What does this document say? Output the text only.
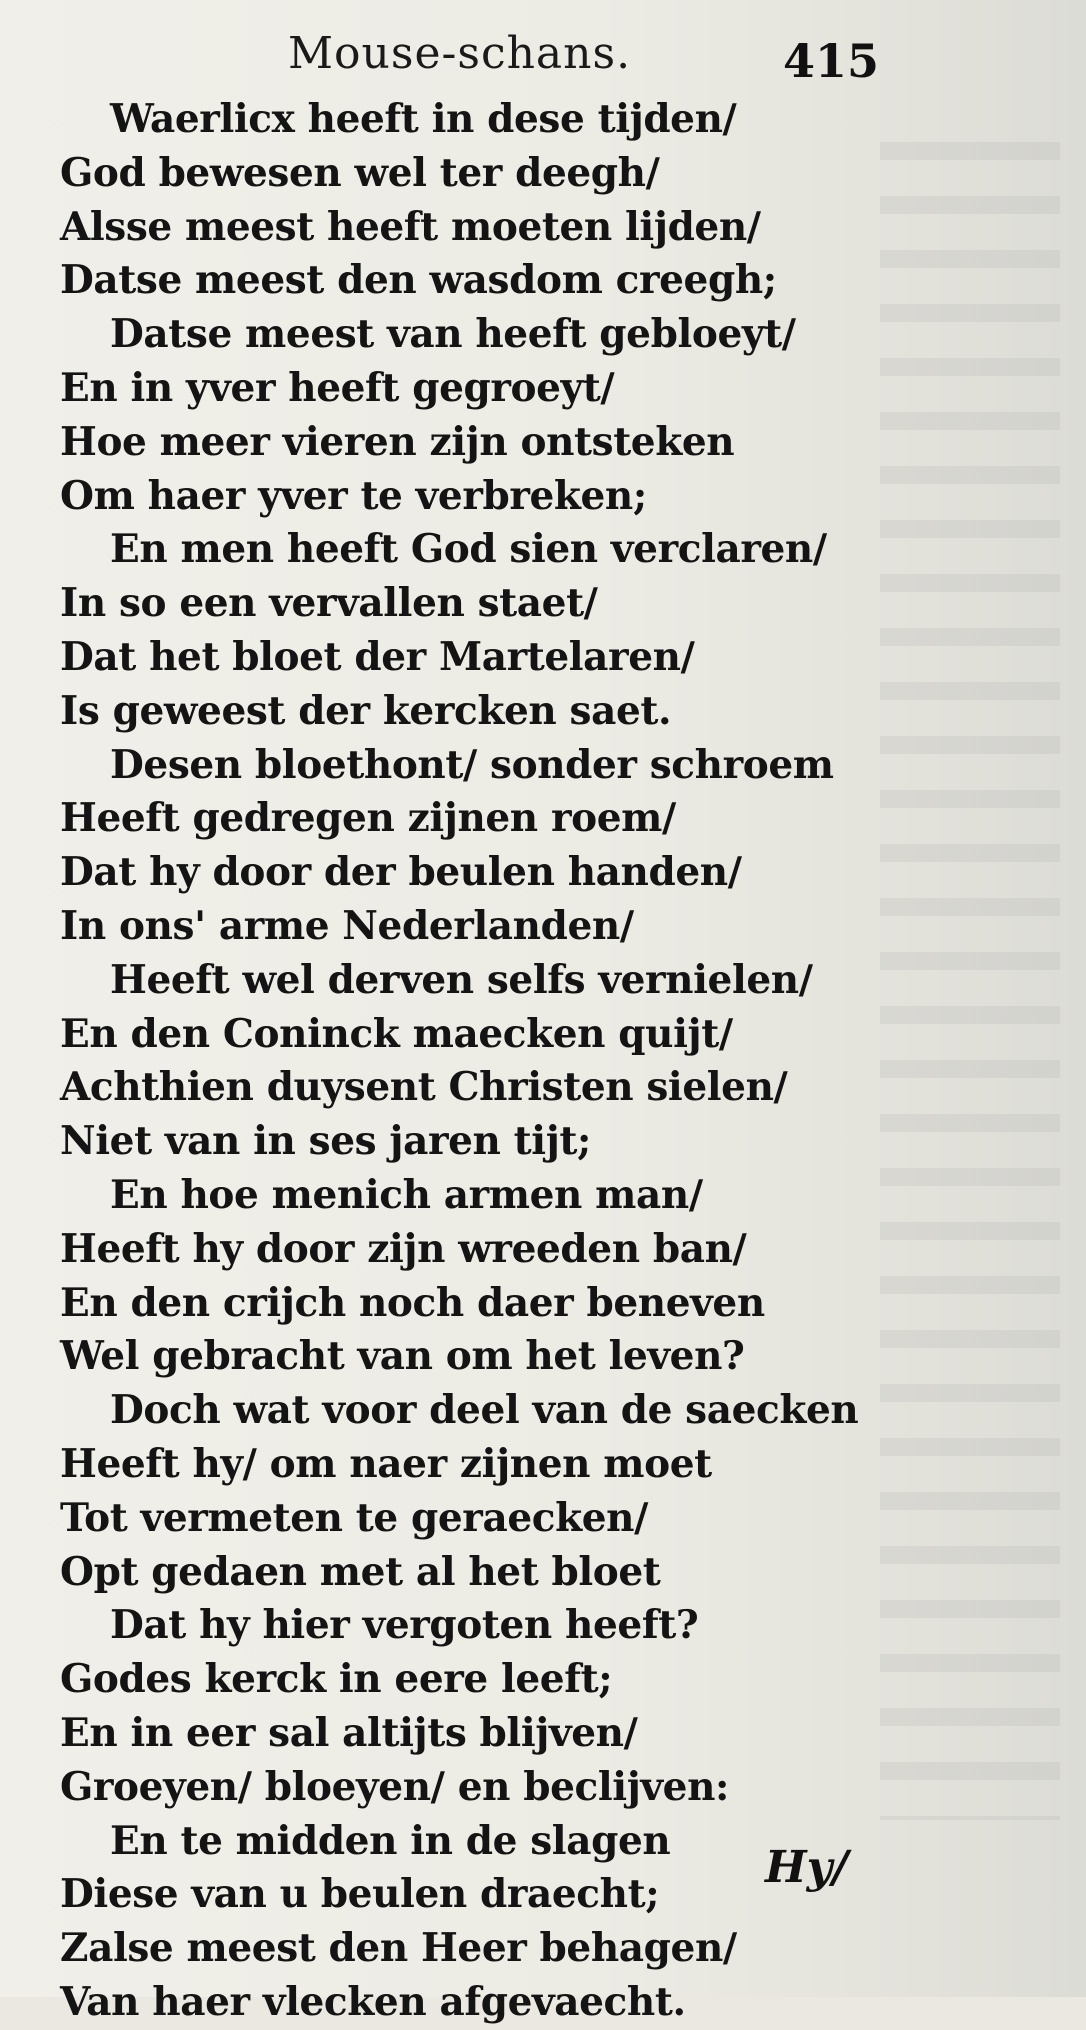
Mouse-schans.	415
Waerlicx heeft in dese tijden/
God bewesen wel ter deegh/
Alsse meest heeft moeten lijden/
Datse meest den wasdom creegh;
Datse meest van heeft gebloeyt/
En in yver heeft gegroeyt/
Hoe meer vieren zijn ontsteken
Om haer yver te verbreken;
En men heeft God sien verclaren/
In so een vervallen staet/
Dat het bloet der Martelaren/
Is geweest der kercken saet.
Desen bloethont/ sonder schroem
Heeft gedregen zijnen roem/
Dat hy door der beulen handen/
In ons' arme Nederlanden/
Heeft wel derven selfs vernielen/
En den Coninck maecken quijt/
Achthien duysent Christen sielen/
Niet van in ses jaren tijt;
En hoe menich armen man/
Heeft hy door zijn wreeden ban/
En den crijch noch daer beneven
Wel gebracht van om het leven?
Doch wat voor deel van de saecken
Heeft hy/ om naer zijnen moet
Tot vermeten te geraecken/
Opt gedaen met al het bloet
Dat hy hier vergoten heeft?
Godes kerck in eere leeft;
En in eer sal altijts blijven/
Groeyen/ bloeyen/ en beclijven:
En te midden in de slagen
Diese van u beulen draecht;
Zalse meest den Heer behagen/
Van haer vlecken afgevaecht.
Hy/
